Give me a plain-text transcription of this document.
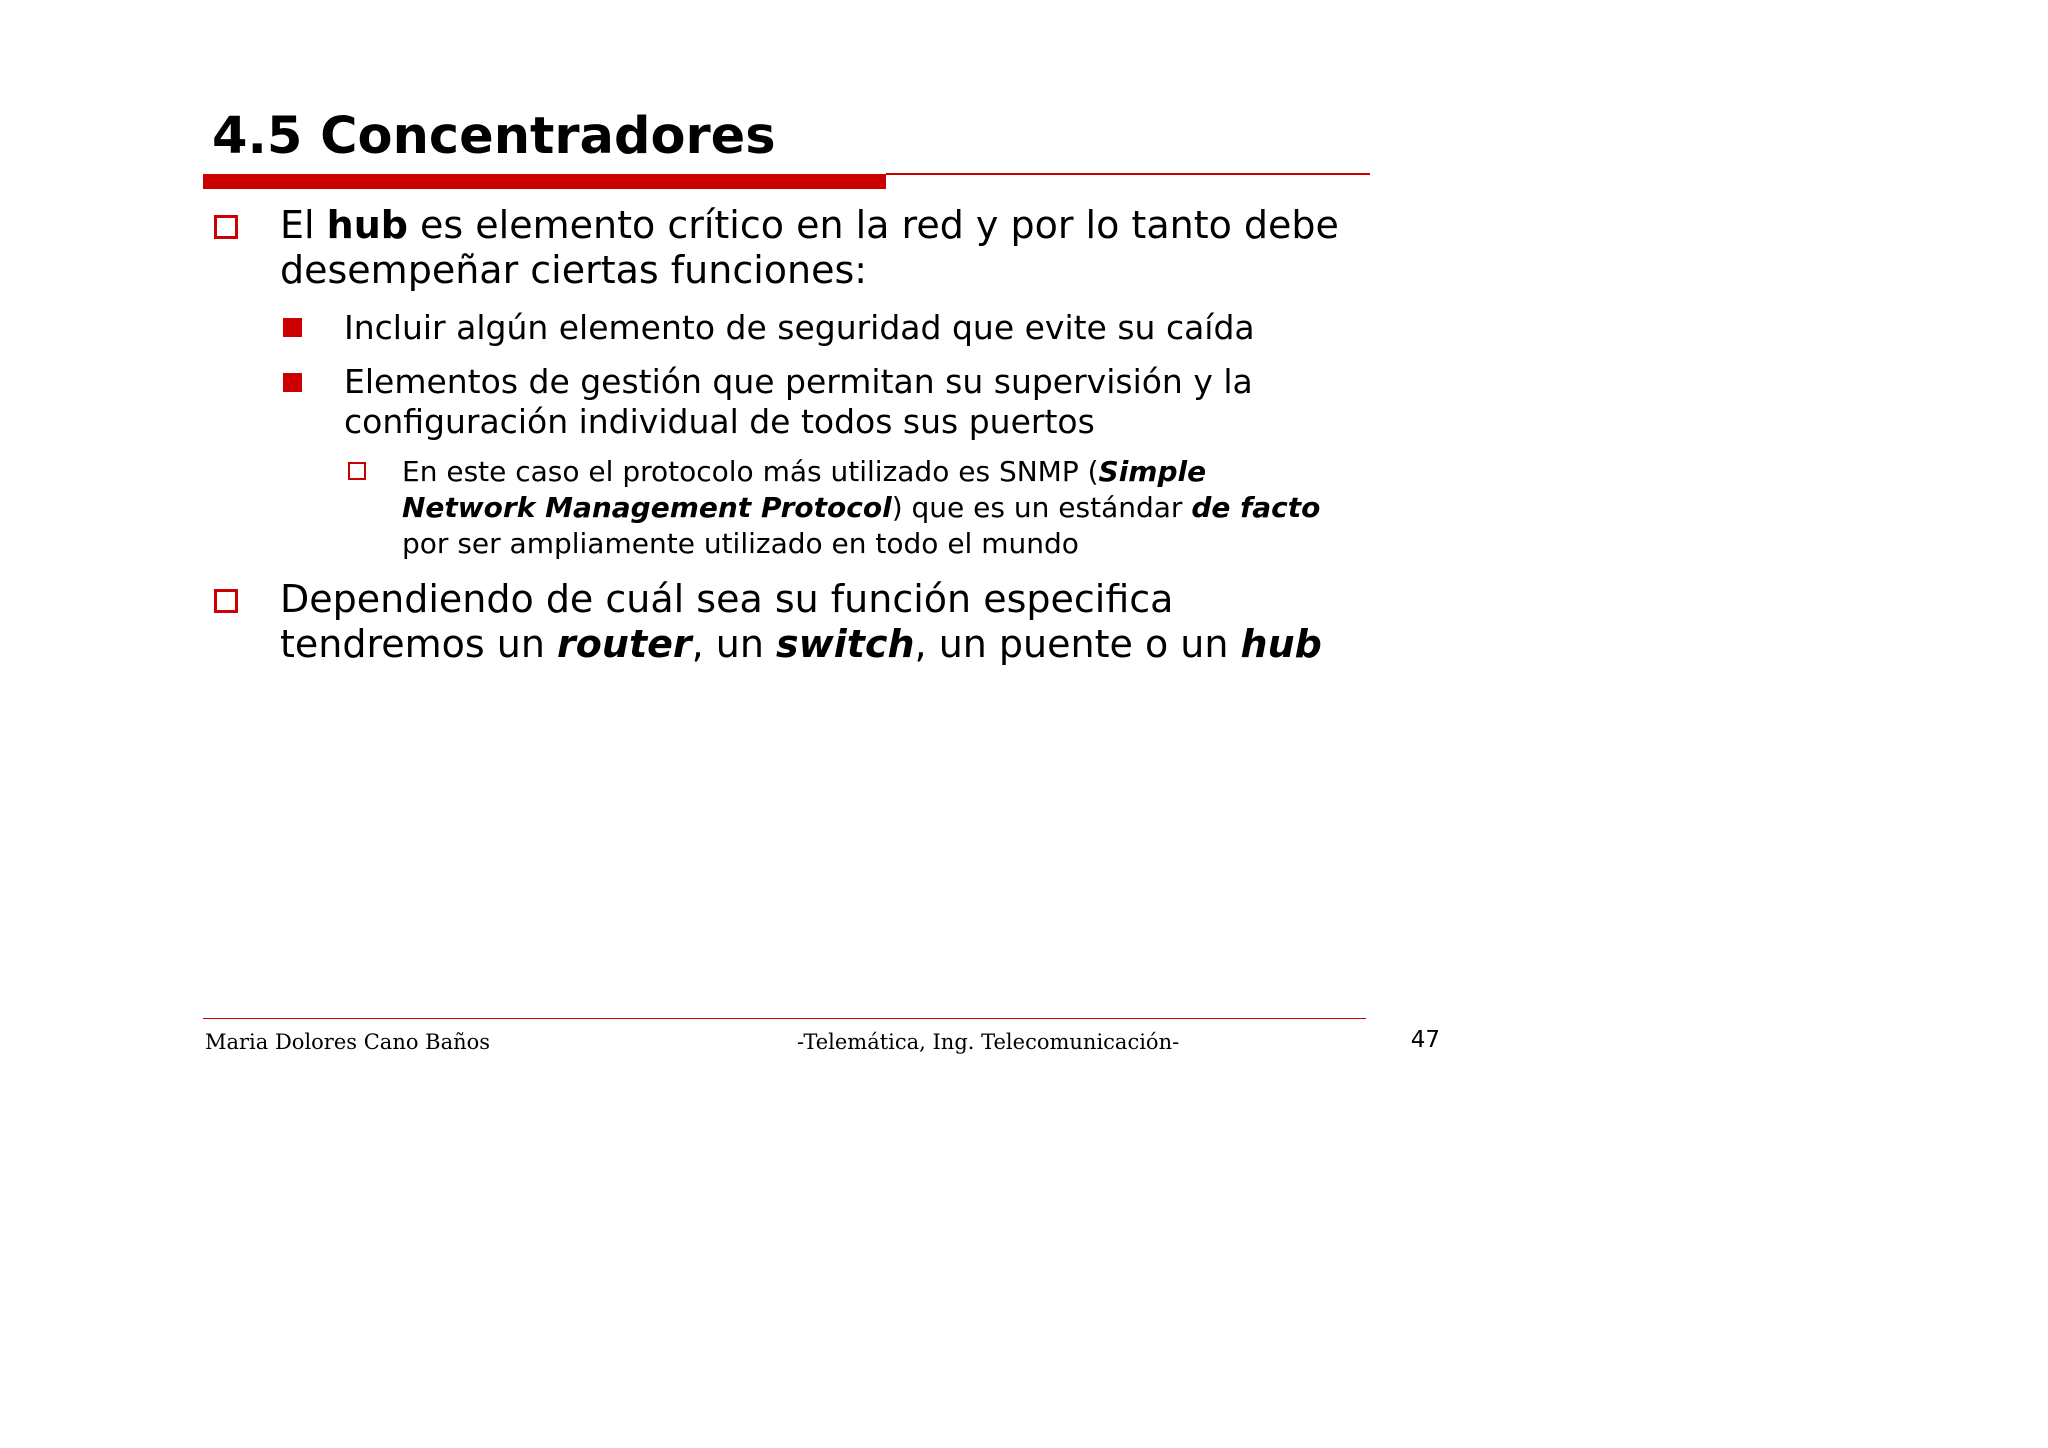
4.5 Concentradores
El hub es elemento crítico en la red y por lo tanto debe
desempeñar ciertas funciones:
Incluir algún elemento de seguridad que evite su caída
Elementos de gestión que permitan su supervisión y la
configuración individual de todos sus puertos
En este caso el protocolo más utilizado es SNMP (Simple
Network Management Protocol) que es un estándar de facto
por ser ampliamente utilizado en todo el mundo
Dependiendo de cuál sea su función especifica
tendremos un router, un switch, un puente o un hub
Maria Dolores Cano Baños	-Telemática, Ing. Telecomunicación-	47
